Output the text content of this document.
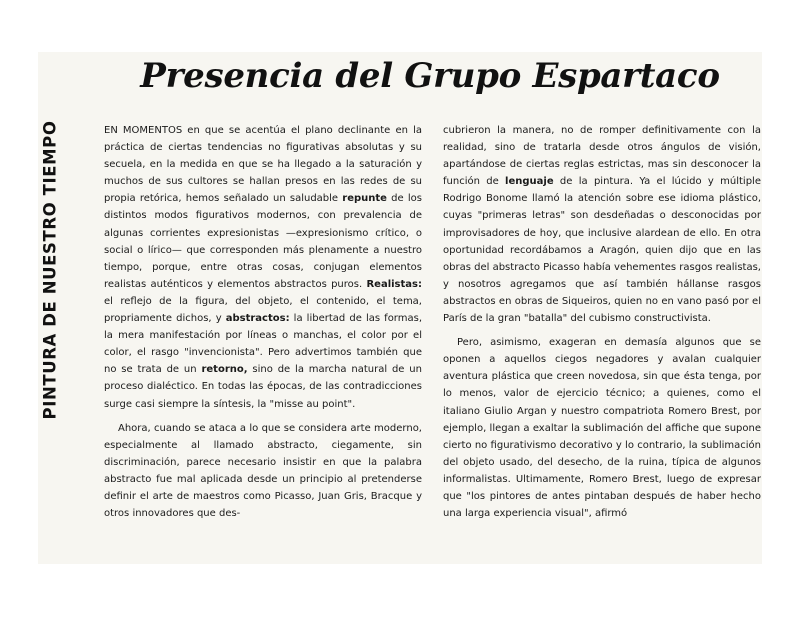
Presencia del Grupo Espartaco
PINTURA DE NUESTRO TIEMPO	EN MOMENTOS en que se acentúa el plano declinante en la práctica de ciertas tendencias no figurativas absolutas y su secuela, en la medida en que se ha llegado a la saturación y muchos de sus cultores se hallan presos en las redes de su propia retórica, hemos señalado un saludable repunte de los distintos modos figurativos modernos, con prevalencia de algunas corrientes expresionistas —expresionismo crítico, o social o lírico— que corresponden más plenamente a nuestro tiempo, porque, entre otras cosas, conjugan elementos realistas auténticos y elementos abstractos puros. Realistas: el reflejo de la figura, del objeto, el contenido, el tema, propriamente dichos, y abstractos: la libertad de las formas, la mera manifestación por líneas o manchas, el color por el color, el rasgo "invencionista". Pero advertimos también que no se trata de un retorno, sino de la marcha natural de un proceso dialéctico. En todas las épocas, de las contradicciones surge casi siempre la síntesis, la "misse au point".

Ahora, cuando se ataca a lo que se considera arte moderno, especialmente al llamado abstracto, ciegamente, sin discriminación, parece necesario insistir en que la palabra abstracto fue mal aplicada desde un principio al pretenderse definir el arte de maestros como Picasso, Juan Gris, Bracque y otros innovadores que des-

cubrieron la manera, no de romper definitivamente con la realidad, sino de tratarla desde otros ángulos de visión, apartándose de ciertas reglas estrictas, mas sin desconocer la función de lenguaje de la pintura. Ya el lúcido y múltiple Rodrigo Bonome llamó la atención sobre ese idioma plástico, cuyas "primeras letras" son desdeñadas o desconocidas por improvisadores de hoy, que inclusive alardean de ello. En otra oportunidad recordábamos a Aragón, quien dijo que en las obras del abstracto Picasso había vehementes rasgos realistas, y nosotros agregamos que así también hállanse rasgos abstractos en obras de Siqueiros, quien no en vano pasó por el París de la gran "batalla" del cubismo constructivista.

Pero, asimismo, exageran en demasía algunos que se oponen a aquellos ciegos negadores y avalan cualquier aventura plástica que creen novedosa, sin que ésta tenga, por lo menos, valor de ejercicio técnico; a quienes, como el italiano Giulio Argan y nuestro compatriota Romero Brest, por ejemplo, llegan a exaltar la sublimación del affiche que supone cierto no figurativismo decorativo y lo contrario, la sublimación del objeto usado, del desecho, de la ruina, típica de algunos informalistas. Ultimamente, Romero Brest, luego de expresar que "los pintores de antes pintaban después de haber hecho una larga experiencia visual", afirmó
